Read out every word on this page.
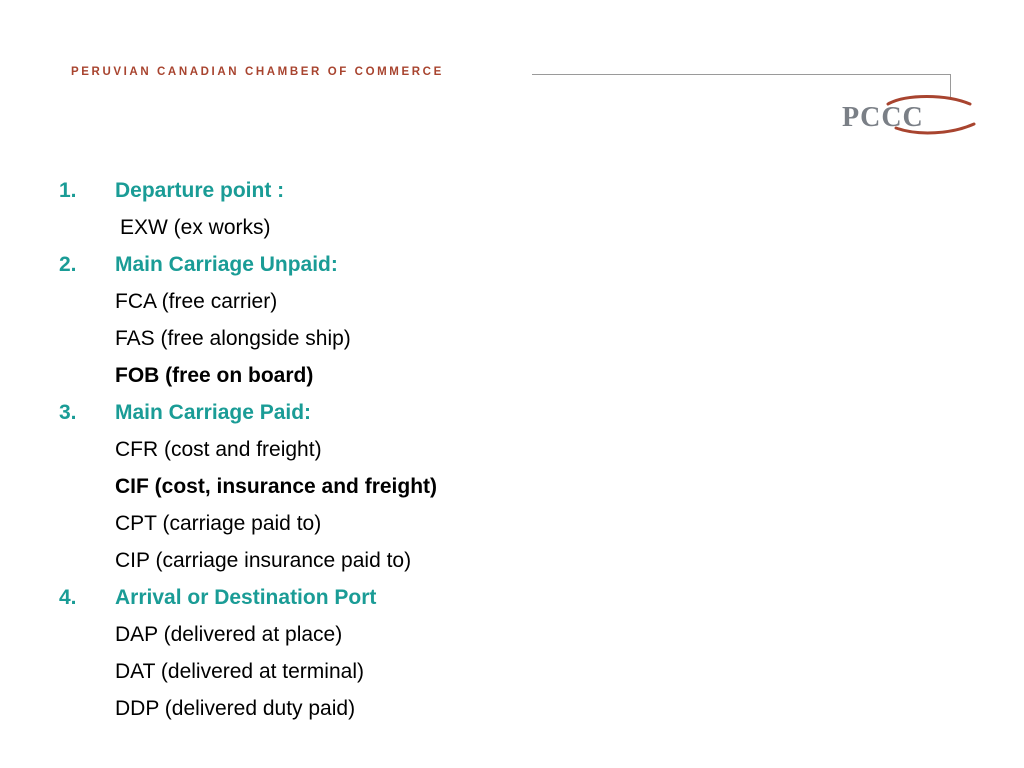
PERUVIAN CANADIAN CHAMBER OF COMMERCE
PCCC
1. Departure point :
EXW (ex works)
2. Main Carriage Unpaid:
FCA (free carrier)
FAS (free alongside ship)
FOB (free on board)
3. Main Carriage Paid:
CFR (cost and freight)
CIF (cost, insurance and freight)
CPT (carriage paid to)
CIP (carriage insurance paid to)
4. Arrival or Destination Port
DAP (delivered at place)
DAT (delivered at terminal)
DDP (delivered duty paid)
